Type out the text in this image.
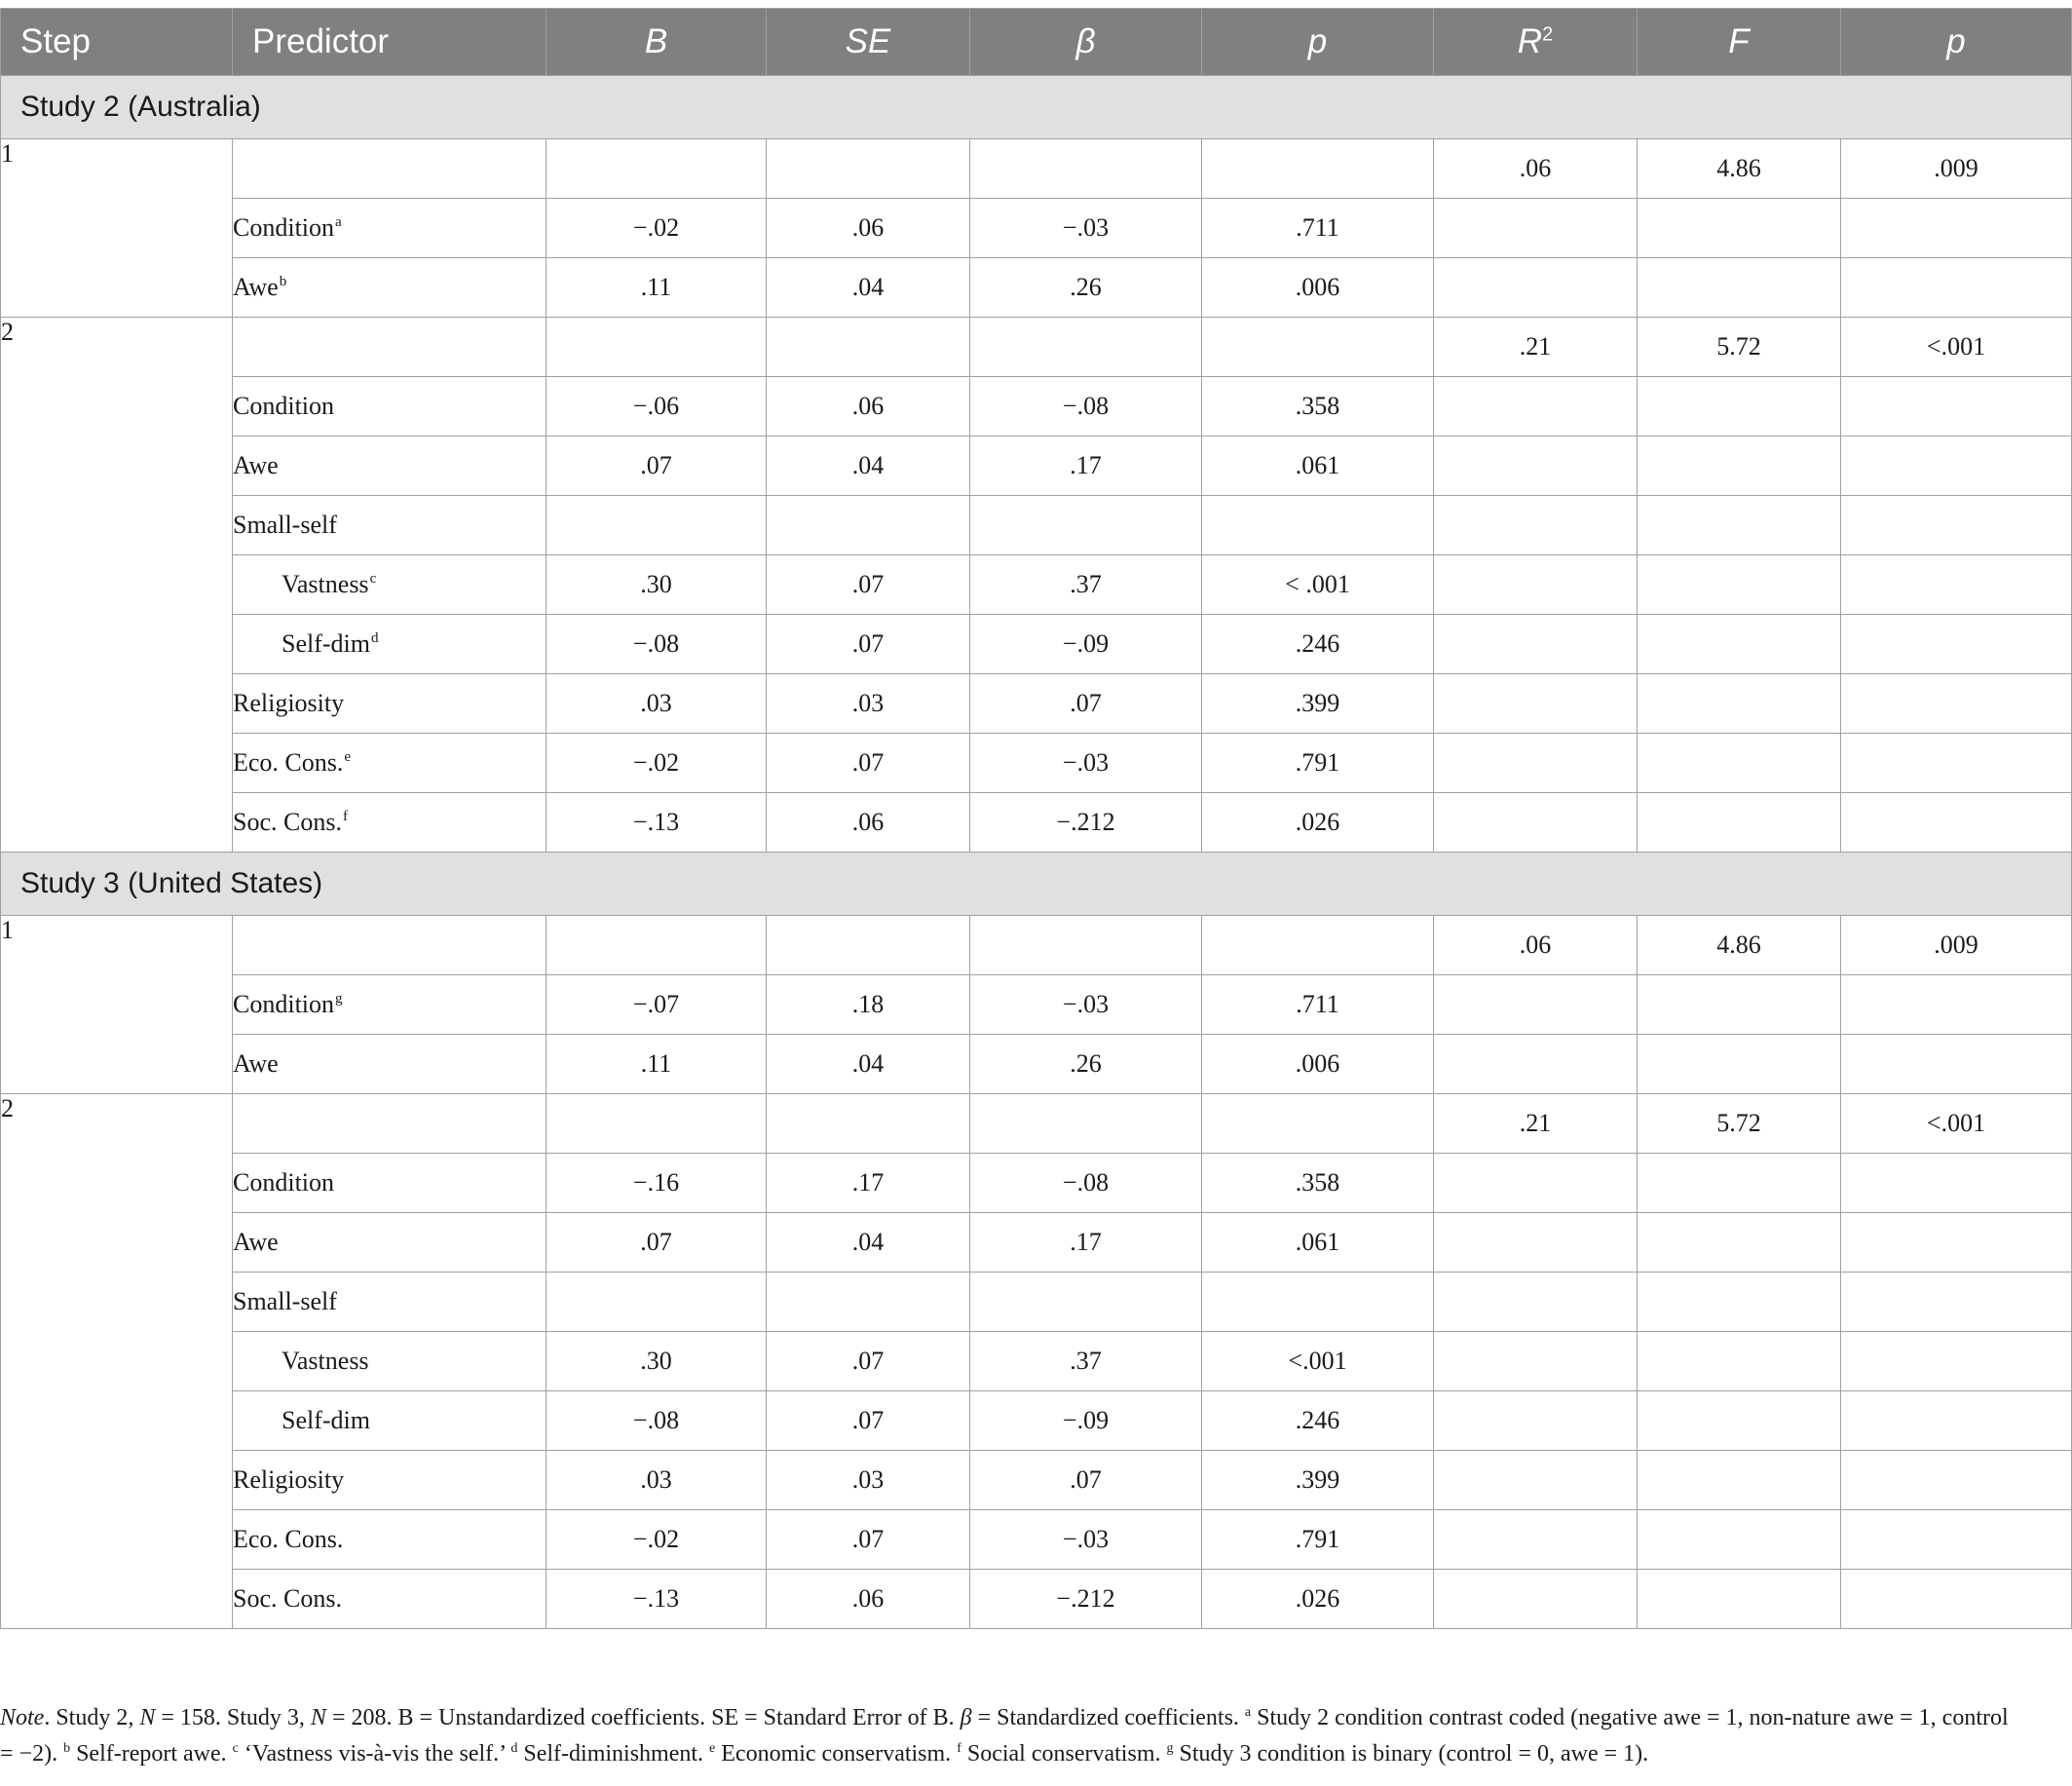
Step	Predictor	B	SE	β	p	$R^2$	F	p
Study 2 (Australia)								
1						.06	4.86	.009
	Condition$^a$	−.02	.06	−.03	.711			
	Awe$^b$	.11	.04	.26	.006			
2						.21	5.72	<.001
	Condition	−.06	.06	−.08	.358			
	Awe	.07	.04	.17	.061			
	Small-self							
	Vastness$^c$	.30	.07	.37	< .001			
	Self-dim$^d$	−.08	.07	−.09	.246			
	Religiosity	.03	.03	.07	.399			
	Eco. Cons.$^e$	−.02	.07	−.03	.791			
	Soc. Cons.$^f$	−.13	.06	−.212	.026			
Study 3 (United States)								
1						.06	4.86	.009
	Condition$^g$	−.07	.18	−.03	.711			
	Awe	.11	.04	.26	.006			
2						.21	5.72	<.001
	Condition	−.16	.17	−.08	.358			
	Awe	.07	.04	.17	.061			
	Small-self							
	Vastness	.30	.07	.37	<.001			
	Self-dim	−.08	.07	−.09	.246			
	Religiosity	.03	.03	.07	.399			
	Eco. Cons.	−.02	.07	−.03	.791			
	Soc. Cons.	−.13	.06	−.212	.026			
Note. Study 2, N = 158. Study 3, N = 208. B = Unstandardized coefficients. SE = Standard Error of B. β = Standardized coefficients. $^a$ Study 2 condition contrast coded (negative awe = 1, non-nature awe = 1, control = −2). $^b$ Self-report awe. $^c$ ‘Vastness vis-à-vis the self.’ $^d$ Self-diminishment. $^e$ Economic conservatism. $^f$ Social conservatism. $^g$ Study 3 condition is binary (control = 0, awe = 1).
